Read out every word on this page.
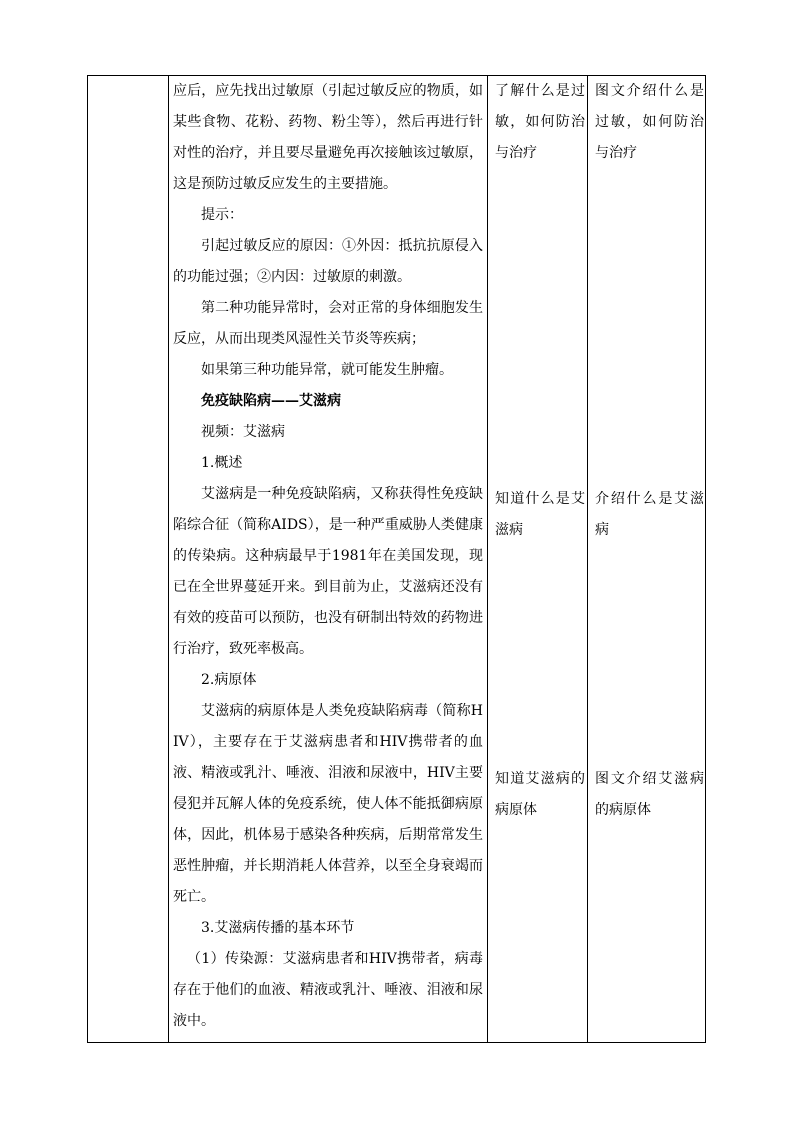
应后，应先找出过敏原（引起过敏反应的物质，如某些食物、花粉、药物、粉尘等），然后再进行针对性的治疗，并且要尽量避免再次接触该过敏原，这是预防过敏反应发生的主要措施。

提示：

引起过敏反应的原因：①外因：抵抗抗原侵入的功能过强；②内因：过敏原的刺激。

第二种功能异常时，会对正常的身体细胞发生反应，从而出现类风湿性关节炎等疾病；

如果第三种功能异常，就可能发生肿瘤。

免疫缺陷病——艾滋病

视频：艾滋病

1.概述

艾滋病是一种免疫缺陷病，又称获得性免疫缺陷综合征（简称AIDS），是一种严重威胁人类健康的传染病。这种病最早于1981年在美国发现，现已在全世界蔓延开来。到目前为止，艾滋病还没有有效的疫苗可以预防，也没有研制出特效的药物进行治疗，致死率极高。

2.病原体

艾滋病的病原体是人类免疫缺陷病毒（简称HIV），主要存在于艾滋病患者和HIV携带者的血液、精液或乳汁、唾液、泪液和尿液中，HIV主要侵犯并瓦解人体的免疫系统，使人体不能抵御病原体，因此，机体易于感染各种疾病，后期常常发生恶性肿瘤，并长期消耗人体营养，以至全身衰竭而死亡。

3.艾滋病传播的基本环节

（1）传染源：艾滋病患者和HIV携带者，病毒存在于他们的血液、精液或乳汁、唾液、泪液和尿液中。

了解什么是过敏，如何防治与治疗

知道什么是艾滋病

知道艾滋病的病原体

图文介绍什么是过敏，如何防治与治疗

介绍什么是艾滋病

图文介绍艾滋病的病原体
